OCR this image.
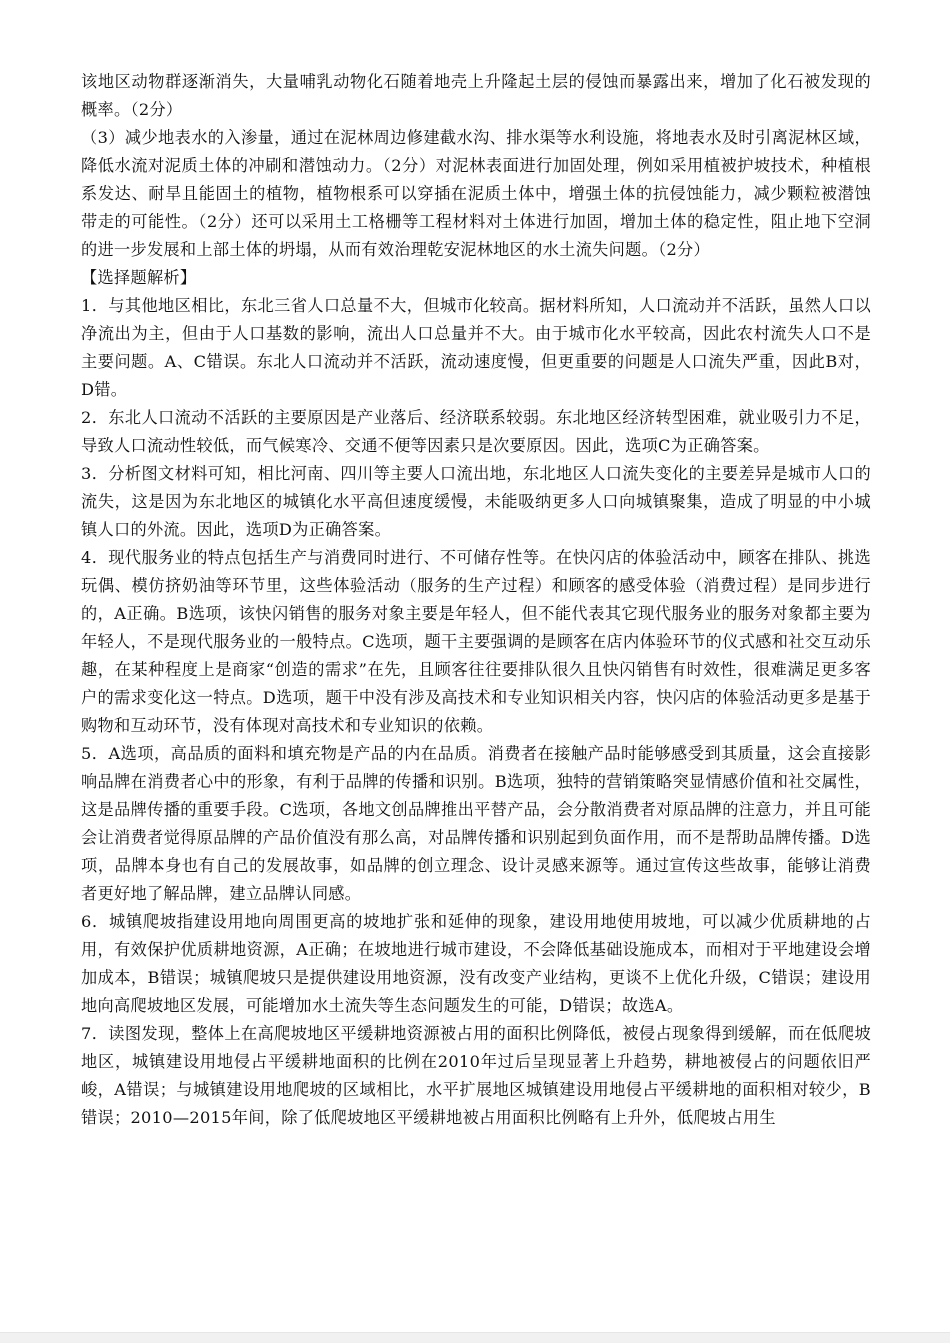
该地区动物群逐渐消失，大量哺乳动物化石随着地壳上升隆起土层的侵蚀而暴露出来，增加了化石被发现的概率。（2分）

（3）减少地表水的入渗量，通过在泥林周边修建截水沟、排水渠等水利设施，将地表水及时引离泥林区域，降低水流对泥质土体的冲刷和潜蚀动力。（2分）对泥林表面进行加固处理，例如采用植被护坡技术，种植根系发达、耐旱且能固土的植物，植物根系可以穿插在泥质土体中，增强土体的抗侵蚀能力，减少颗粒被潜蚀带走的可能性。（2分）还可以采用土工格栅等工程材料对土体进行加固，增加土体的稳定性，阻止地下空洞的进一步发展和上部土体的坍塌，从而有效治理乾安泥林地区的水土流失问题。（2分）

【选择题解析】

1．与其他地区相比，东北三省人口总量不大，但城市化较高。据材料所知，人口流动并不活跃，虽然人口以净流出为主，但由于人口基数的影响，流出人口总量并不大。由于城市化水平较高，因此农村流失人口不是主要问题。A、C错误。东北人口流动并不活跃，流动速度慢，但更重要的问题是人口流失严重，因此B对，D错。

2．东北人口流动不活跃的主要原因是产业落后、经济联系较弱。东北地区经济转型困难，就业吸引力不足，导致人口流动性较低，而气候寒冷、交通不便等因素只是次要原因。因此，选项C为正确答案。

3．分析图文材料可知，相比河南、四川等主要人口流出地，东北地区人口流失变化的主要差异是城市人口的流失，这是因为东北地区的城镇化水平高但速度缓慢，未能吸纳更多人口向城镇聚集，造成了明显的中小城镇人口的外流。因此，选项D为正确答案。

4．现代服务业的特点包括生产与消费同时进行、不可储存性等。在快闪店的体验活动中，顾客在排队、挑选玩偶、模仿挤奶油等环节里，这些体验活动（服务的生产过程）和顾客的感受体验（消费过程）是同步进行的，A正确。B选项，该快闪销售的服务对象主要是年轻人，但不能代表其它现代服务业的服务对象都主要为年轻人，不是现代服务业的一般特点。C选项，题干主要强调的是顾客在店内体验环节的仪式感和社交互动乐趣，在某种程度上是商家“创造的需求”在先，且顾客往往要排队很久且快闪销售有时效性，很难满足更多客户的需求变化这一特点。D选项，题干中没有涉及高技术和专业知识相关内容，快闪店的体验活动更多是基于购物和互动环节，没有体现对高技术和专业知识的依赖。

5．A选项，高品质的面料和填充物是产品的内在品质。消费者在接触产品时能够感受到其质量，这会直接影响品牌在消费者心中的形象，有利于品牌的传播和识别。B选项，独特的营销策略突显情感价值和社交属性，这是品牌传播的重要手段。C选项，各地文创品牌推出平替产品，会分散消费者对原品牌的注意力，并且可能会让消费者觉得原品牌的产品价值没有那么高，对品牌传播和识别起到负面作用，而不是帮助品牌传播。D选项，品牌本身也有自己的发展故事，如品牌的创立理念、设计灵感来源等。通过宣传这些故事，能够让消费者更好地了解品牌，建立品牌认同感。

6．城镇爬坡指建设用地向周围更高的坡地扩张和延伸的现象，建设用地使用坡地，可以减少优质耕地的占用，有效保护优质耕地资源，A正确；在坡地进行城市建设，不会降低基础设施成本，而相对于平地建设会增加成本，B错误；城镇爬坡只是提供建设用地资源，没有改变产业结构，更谈不上优化升级，C错误；建设用地向高爬坡地区发展，可能增加水土流失等生态问题发生的可能，D错误；故选A。

7．读图发现，整体上在高爬坡地区平缓耕地资源被占用的面积比例降低，被侵占现象得到缓解，而在低爬坡地区，城镇建设用地侵占平缓耕地面积的比例在2010年过后呈现显著上升趋势，耕地被侵占的问题依旧严峻，A错误；与城镇建设用地爬坡的区域相比，水平扩展地区城镇建设用地侵占平缓耕地的面积相对较少，B错误；2010—2015年间，除了低爬坡地区平缓耕地被占用面积比例略有上升外，低爬坡占用生
